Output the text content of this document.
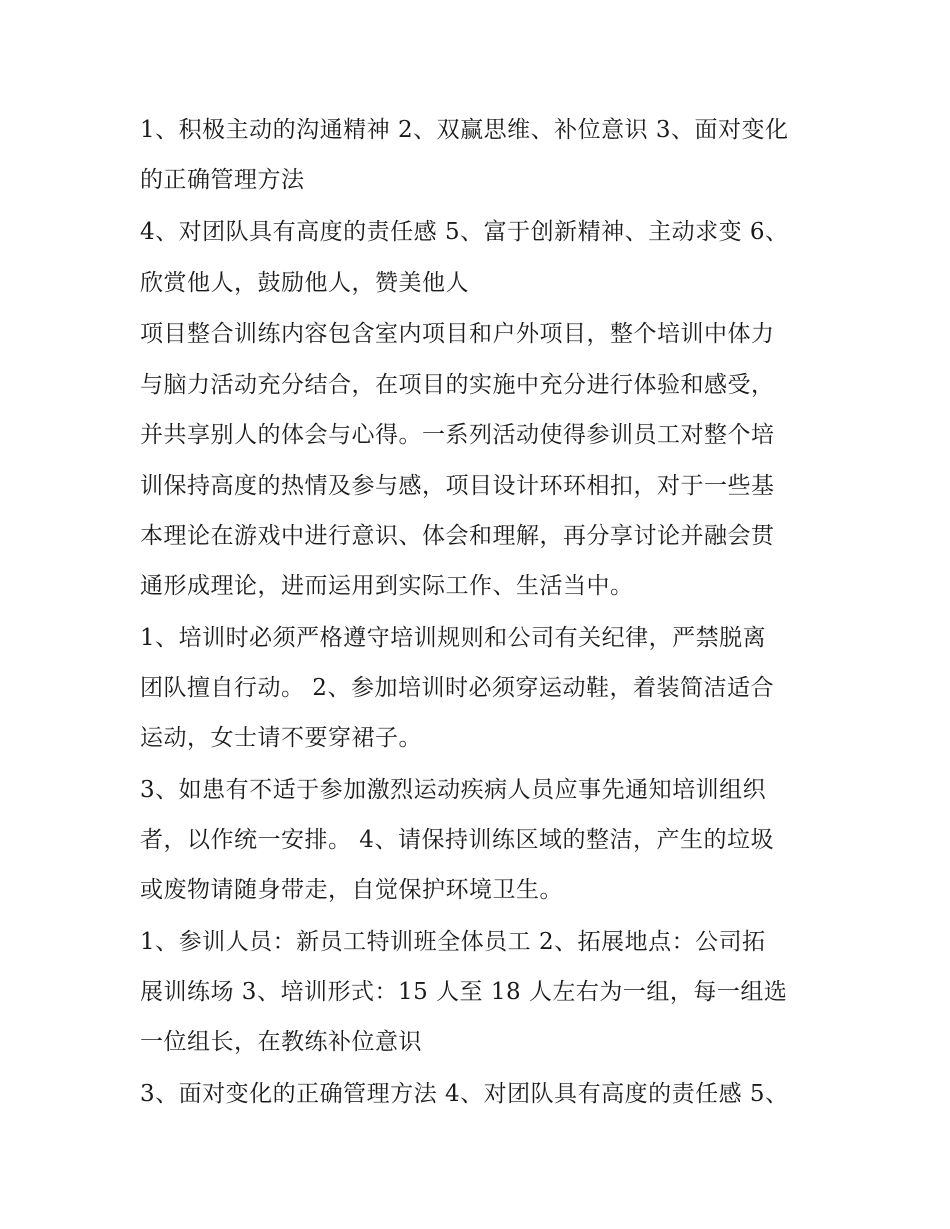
1、积极主动的沟通精神 2、双赢思维、补位意识 3、面对变化
的正确管理方法
4、对团队具有高度的责任感 5、富于创新精神、主动求变 6、
欣赏他人，鼓励他人，赞美他人
项目整合训练内容包含室内项目和户外项目，整个培训中体力
与脑力活动充分结合，在项目的实施中充分进行体验和感受，
并共享别人的体会与心得。一系列活动使得参训员工对整个培
训保持高度的热情及参与感，项目设计环环相扣，对于一些基
本理论在游戏中进行意识、体会和理解，再分享讨论并融会贯
通形成理论，进而运用到实际工作、生活当中。
1、培训时必须严格遵守培训规则和公司有关纪律，严禁脱离
团队擅自行动。 2、参加培训时必须穿运动鞋，着装简洁适合
运动，女士请不要穿裙子。
3、如患有不适于参加激烈运动疾病人员应事先通知培训组织
者，以作统一安排。 4、请保持训练区域的整洁，产生的垃圾
或废物请随身带走，自觉保护环境卫生。
1、参训人员：新员工特训班全体员工 2、拓展地点：公司拓
展训练场 3、培训形式：15 人至 18 人左右为一组，每一组选
一位组长，在教练补位意识
3、面对变化的正确管理方法 4、对团队具有高度的责任感 5、
